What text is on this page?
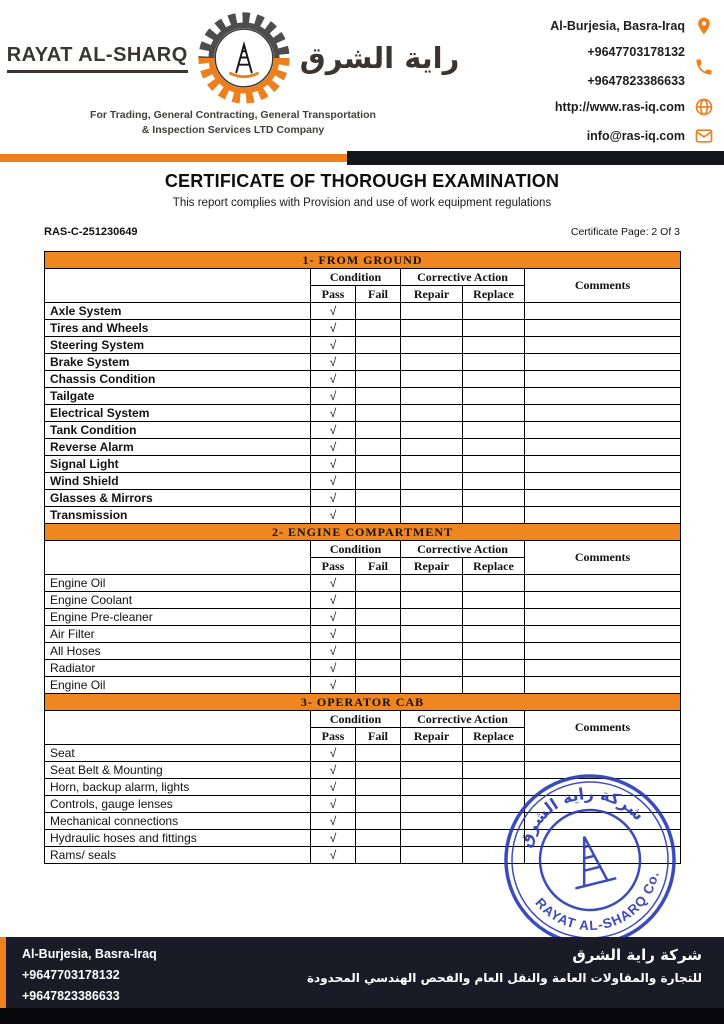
RAYAT AL-SHARQ	راية الشرق
For Trading, General Contracting, General Transportation
& Inspection Services LTD Company
Al-Burjesia, Basra-Iraq
+9647703178132
+9647823386633
http://www.ras-iq.com
info@ras-iq.com
CERTIFICATE OF THOROUGH EXAMINATION
This report complies with Provision and use of work equipment regulations
RAS-C-251230649	Certificate Page: 2 Of 3
1- FROM GROUND					
	Condition		Corrective Action		Comments
	Pass	Fail	Repair	Replace	
Axle System	√				
Tires and Wheels	√				
Steering System	√				
Brake System	√				
Chassis Condition	√				
Tailgate	√				
Electrical System	√				
Tank Condition	√				
Reverse Alarm	√				
Signal Light	√				
Wind Shield	√				
Glasses & Mirrors	√				
Transmission	√				
2- ENGINE COMPARTMENT					
	Condition		Corrective Action		Comments
	Pass	Fail	Repair	Replace	
Engine Oil	√				
Engine Coolant	√				
Engine Pre-cleaner	√				
Air Filter	√				
All Hoses	√				
Radiator	√				
Engine Oil	√				
3- OPERATOR CAB					
	Condition		Corrective Action		Comments
	Pass	Fail	Repair	Replace	
Seat	√				
Seat Belt & Mounting	√				
Horn, backup alarm, lights	√				
Controls, gauge lenses	√				
Mechanical connections	√				
Hydraulic hoses and fittings	√				
Rams/ seals	√				
شركة راية الشرق
RAYAT AL-SHARQ Co.
Al-Burjesia, Basra-Iraq
+9647703178132
+9647823386633
شركة راية الشرق
للتجارة والمقاولات العامة والنقل العام والفحص الهندسي المحدودة
